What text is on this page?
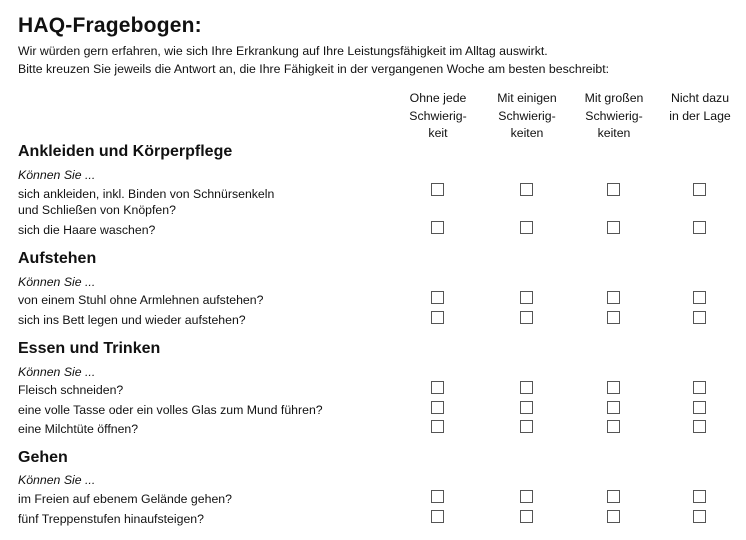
HAQ-Fragebogen:
Wir würden gern erfahren, wie sich Ihre Erkrankung auf Ihre Leistungsfähigkeit im Alltag auswirkt.
Bitte kreuzen Sie jeweils die Antwort an, die Ihre Fähigkeit in der vergangenen Woche am besten beschreibt:
Ohne jede
Schwierig-
keit
Mit einigen
Schwierig-
keiten
Mit großen
Schwierig-
keiten
Nicht dazu
in der Lage
Ankleiden und Körperpflege
Können Sie ...
sich ankleiden, inkl. Binden von Schnürsenkeln
und Schließen von Knöpfen?
sich die Haare waschen?
Aufstehen
Können Sie ...
von einem Stuhl ohne Armlehnen aufstehen?
sich ins Bett legen und wieder aufstehen?
Essen und Trinken
Können Sie ...
Fleisch schneiden?
eine volle Tasse oder ein volles Glas zum Mund führen?
eine Milchtüte öffnen?
Gehen
Können Sie ...
im Freien auf ebenem Gelände gehen?
fünf Treppenstufen hinaufsteigen?
